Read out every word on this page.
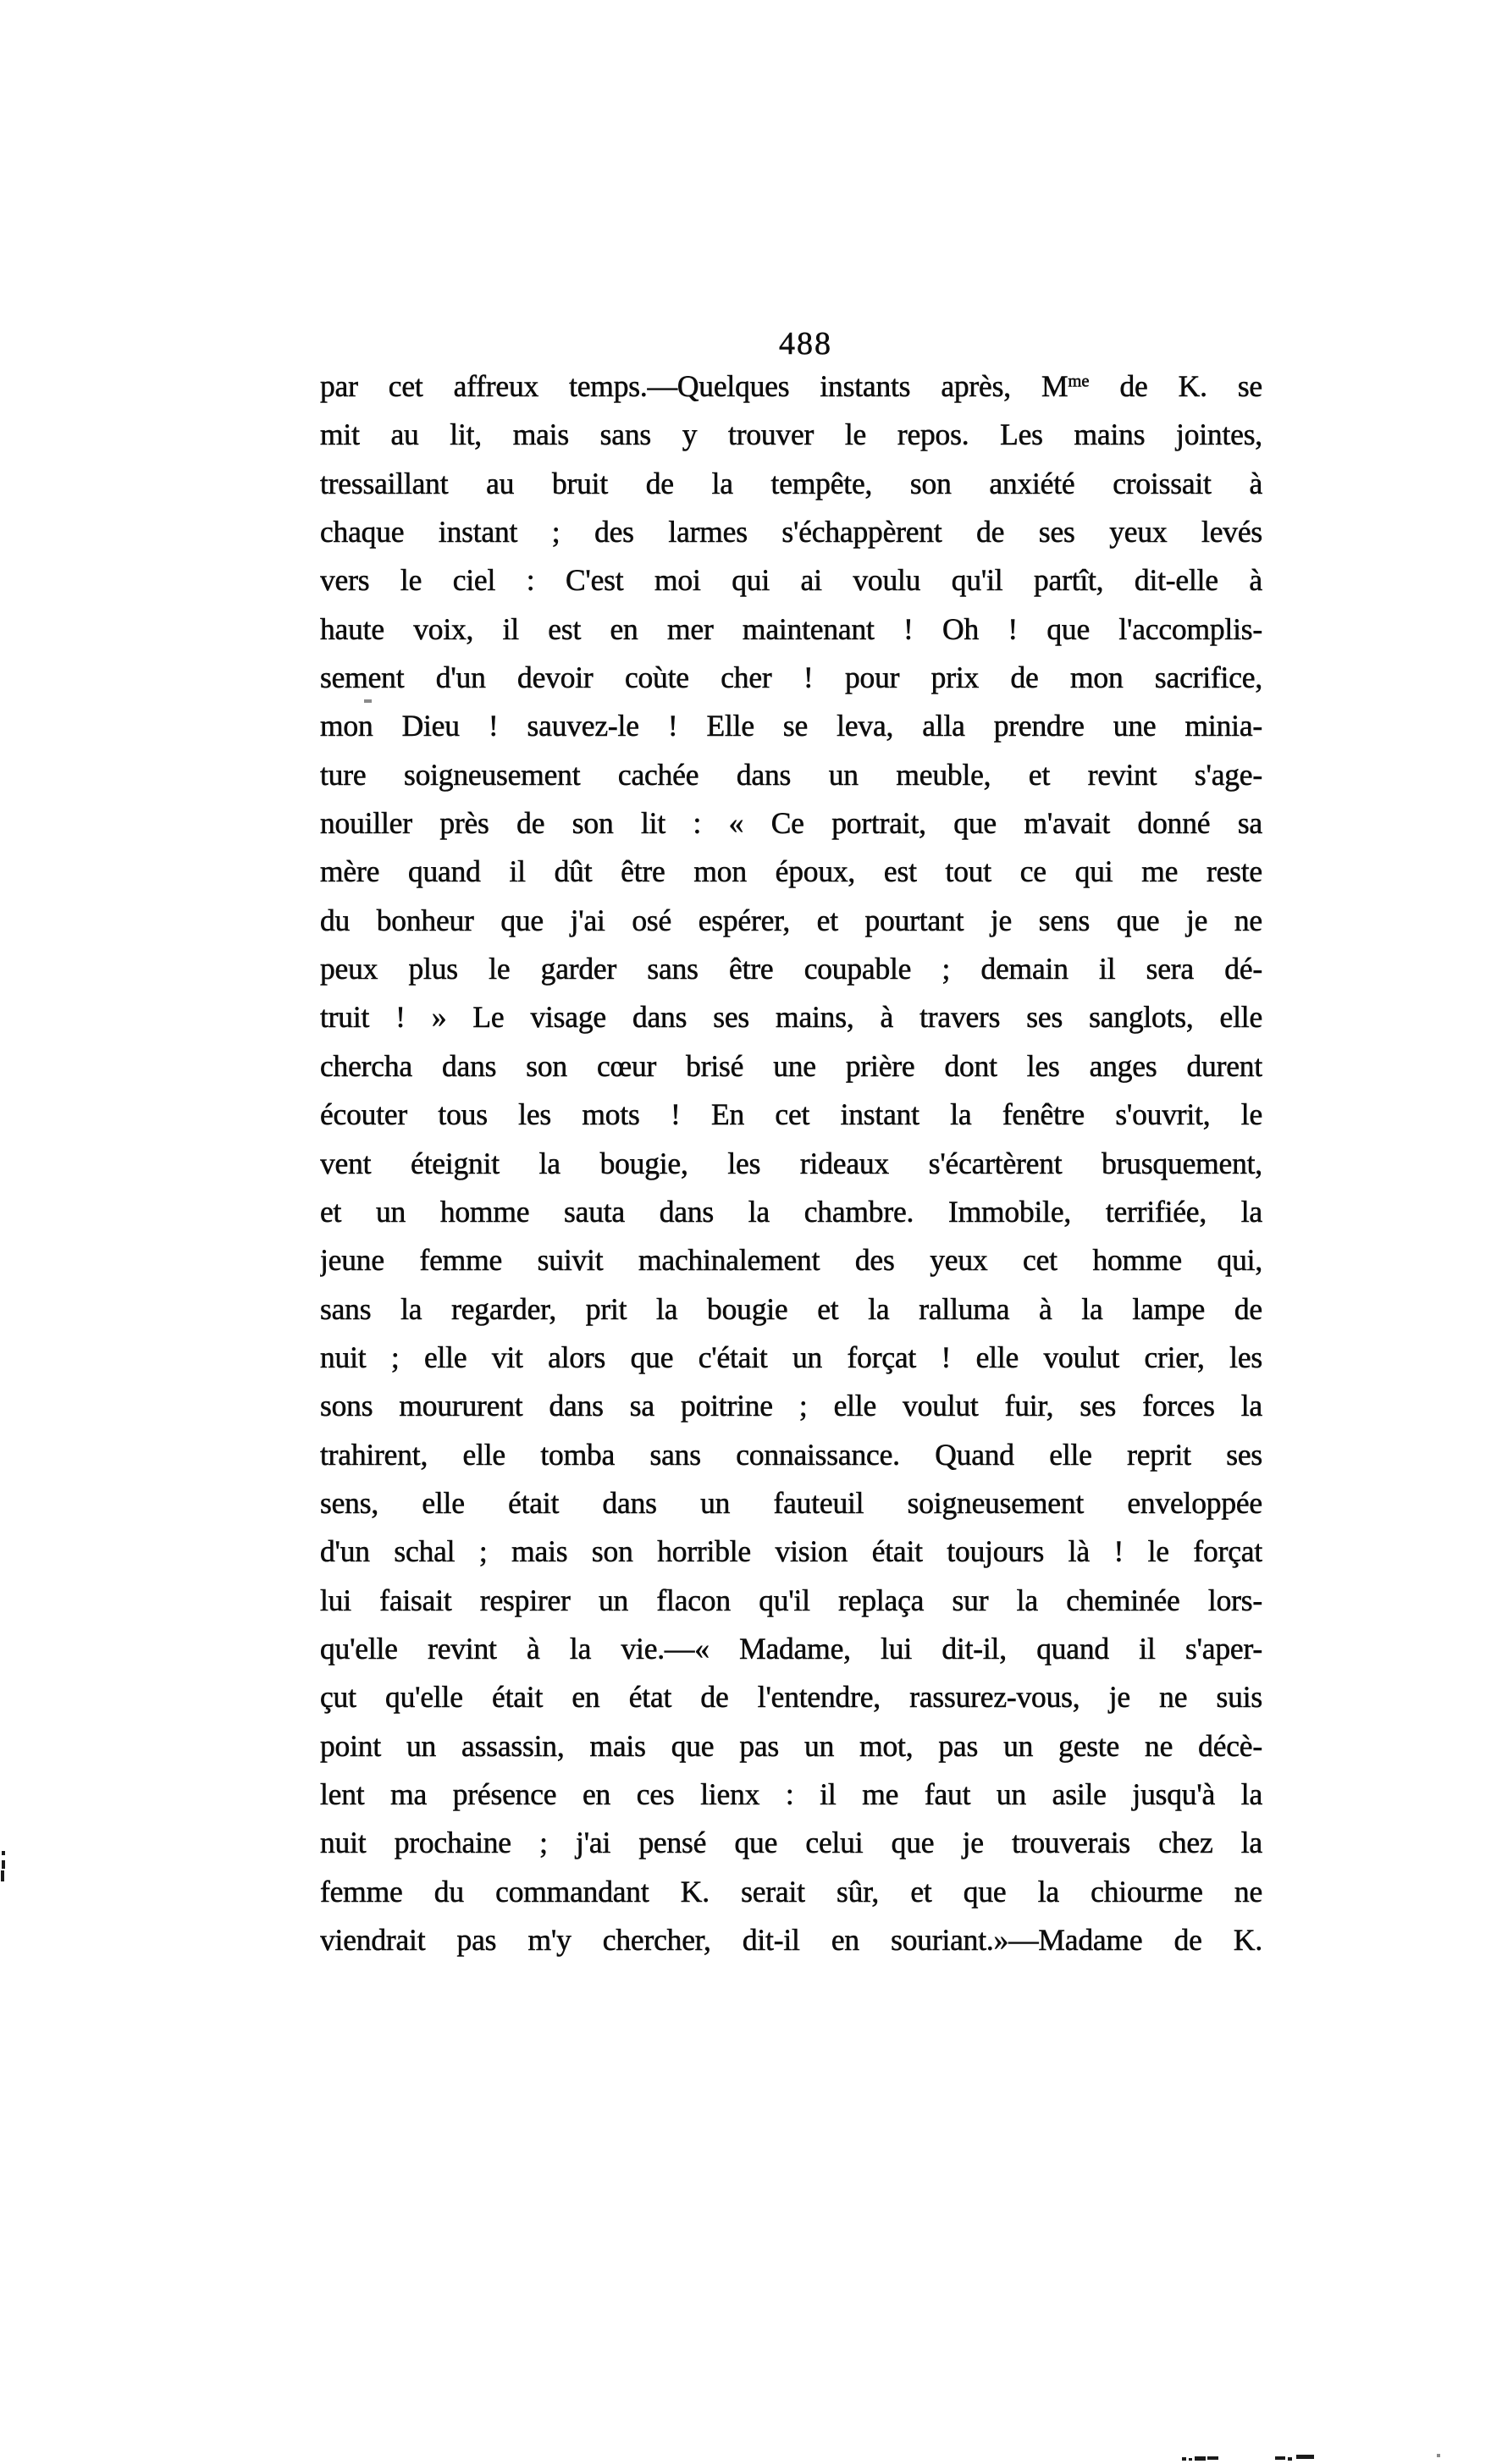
488
par cet affreux temps.—Quelques instants après, $M^{me}$ de K. se
mit au lit, mais sans y trouver le repos. Les mains jointes,
tressaillant au bruit de la tempête, son anxiété croissait à
chaque instant ; des larmes s'échappèrent de ses yeux levés
vers le ciel : C'est moi qui ai voulu qu'il partît, dit-elle à
haute voix, il est en mer maintenant ! Oh ! que l'accomplis-
sement d'un devoir coùte cher ! pour prix de mon sacrifice,
mon Dieu ! sauvez-le ! Elle se leva, alla prendre une minia-
ture soigneusement cachée dans un meuble, et revint s'age-
nouiller près de son lit : « Ce portrait, que m'avait donné sa
mère quand il dût être mon époux, est tout ce qui me reste
du bonheur que j'ai osé espérer, et pourtant je sens que je ne
peux plus le garder sans être coupable ; demain il sera dé-
truit ! » Le visage dans ses mains, à travers ses sanglots, elle
chercha dans son cœur brisé une prière dont les anges durent
écouter tous les mots ! En cet instant la fenêtre s'ouvrit, le
vent éteignit la bougie, les rideaux s'écartèrent brusquement,
et un homme sauta dans la chambre. Immobile, terrifiée, la
jeune femme suivit machinalement des yeux cet homme qui,
sans la regarder, prit la bougie et la ralluma à la lampe de
nuit ; elle vit alors que c'était un forçat ! elle voulut crier, les
sons moururent dans sa poitrine ; elle voulut fuir, ses forces la
trahirent, elle tomba sans connaissance. Quand elle reprit ses
sens, elle était dans un fauteuil soigneusement enveloppée
d'un schal ; mais son horrible vision était toujours là ! le forçat
lui faisait respirer un flacon qu'il replaça sur la cheminée lors-
qu'elle revint à la vie.—« Madame, lui dit-il, quand il s'aper-
çut qu'elle était en état de l'entendre, rassurez-vous, je ne suis
point un assassin, mais que pas un mot, pas un geste ne décè-
lent ma présence en ces lienx : il me faut un asile jusqu'à la
nuit prochaine ; j'ai pensé que celui que je trouverais chez la
femme du commandant K. serait sûr, et que la chiourme ne
viendrait pas m'y chercher, dit-il en souriant.»—Madame de K.
